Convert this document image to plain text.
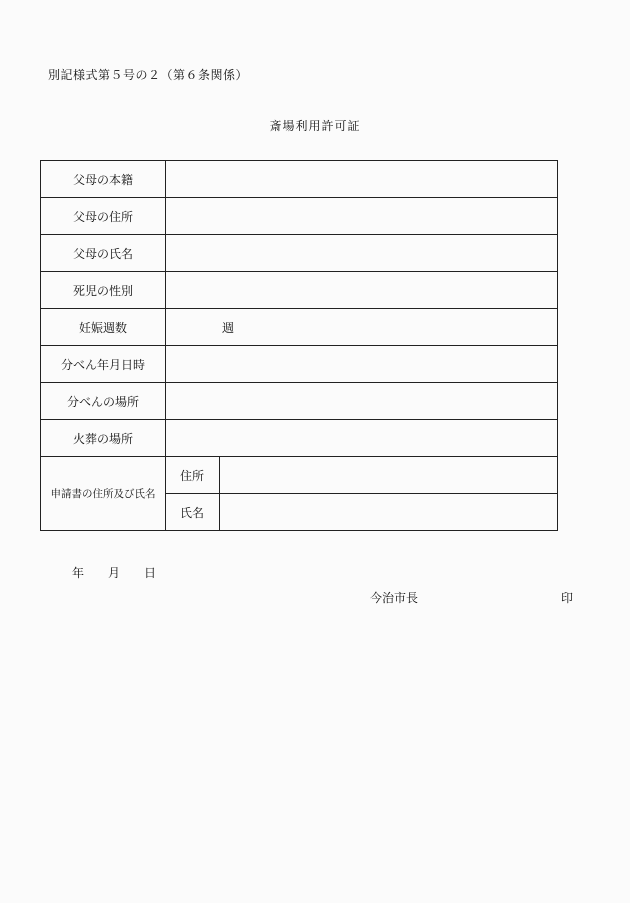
別記様式第５号の２（第６条関係）
斎場利用許可証
父母の本籍		
父母の住所		
父母の氏名		
死児の性別		
妊娠週数	週	
分べん年月日時		
分べんの場所		
火葬の場所		
申請書の住所及び氏名	住所	
	氏名	
年 月 日
今治市長	印
